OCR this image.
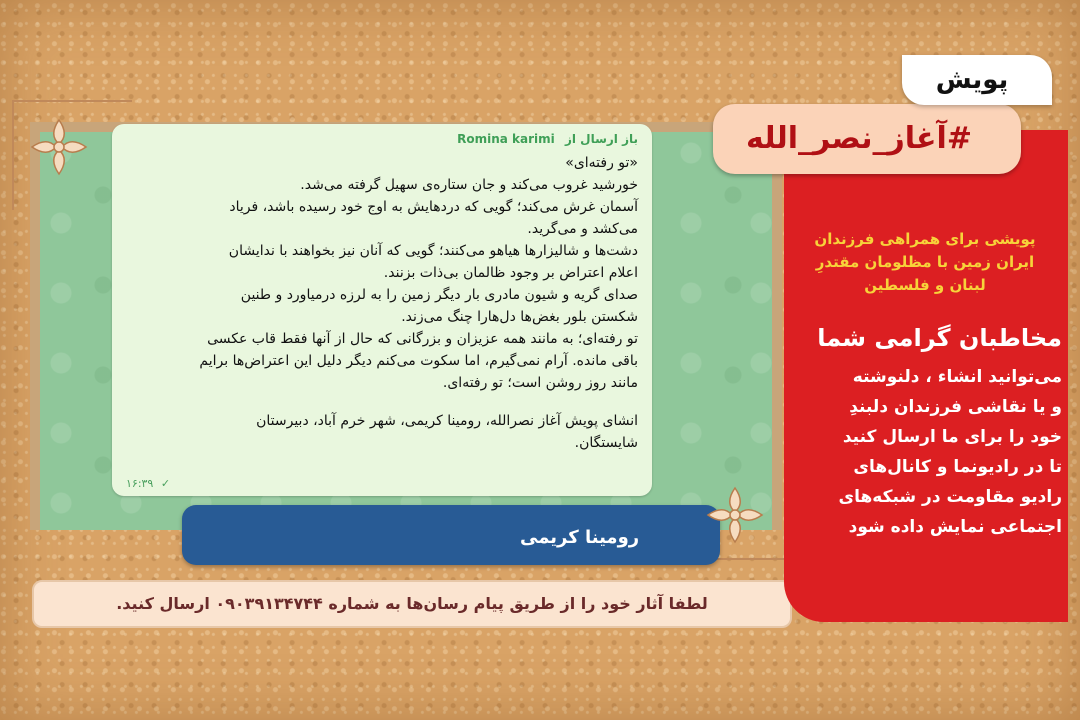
باز ارسال از Romina karimi
«تو رفته‌ای»
خورشید غروب می‌کند و جان ستاره‌ی سهیل گرفته می‌شد.
آسمان غرش می‌کند؛ گویی که دردهایش به اوج خود رسیده باشد، فریاد
می‌کشد و می‌گرید.
دشت‌ها و شالیزارها هیاهو می‌کنند؛ گویی که آنان نیز بخواهند با ندایشان
اعلام اعتراض بر وجود ظالمان بی‌ذات بزنند.
صدای گریه و شیون مادری بار دیگر زمین را به لرزه درمیاورد و طنین
شکستن بلور بغض‌ها دل‌هارا چنگ می‌زند.
تو رفته‌ای؛ به مانند همه عزیزان و بزرگانی که حال از آنها فقط قاب عکسی
باقی مانده. آرام نمی‌گیرم، اما سکوت می‌کنم دیگر دلیل این اعتراض‌ها برایم
مانند روز روشن است؛ تو رفته‌ای.
انشای پویش آغاز نصرالله، رومینا کریمی، شهر خرم آباد، دبیرستان
شایستگان.
۱۶:۳۹ ✓
رومینا کریمی
لطفا آثار خود را از طریق پیام رسان‌ها به شماره ۰۹۰۳۹۱۳۴۷۴۴ ارسال کنید.
پویشی برای همراهی فرزندان
ایران زمین با مظلومان مقتدرِ
لبنان و فلسطین
مخاطبان گرامی شما
می‌توانید انشاء ، دلنوشته
و یا نقاشی فرزندان دلبندِ
خود را برای ما ارسال کنید
تا در رادیونما و کانال‌های
رادیو مقاومت در شبکه‌های
اجتماعی نمایش داده شود
#آغاز_نصر_الله
پویش
